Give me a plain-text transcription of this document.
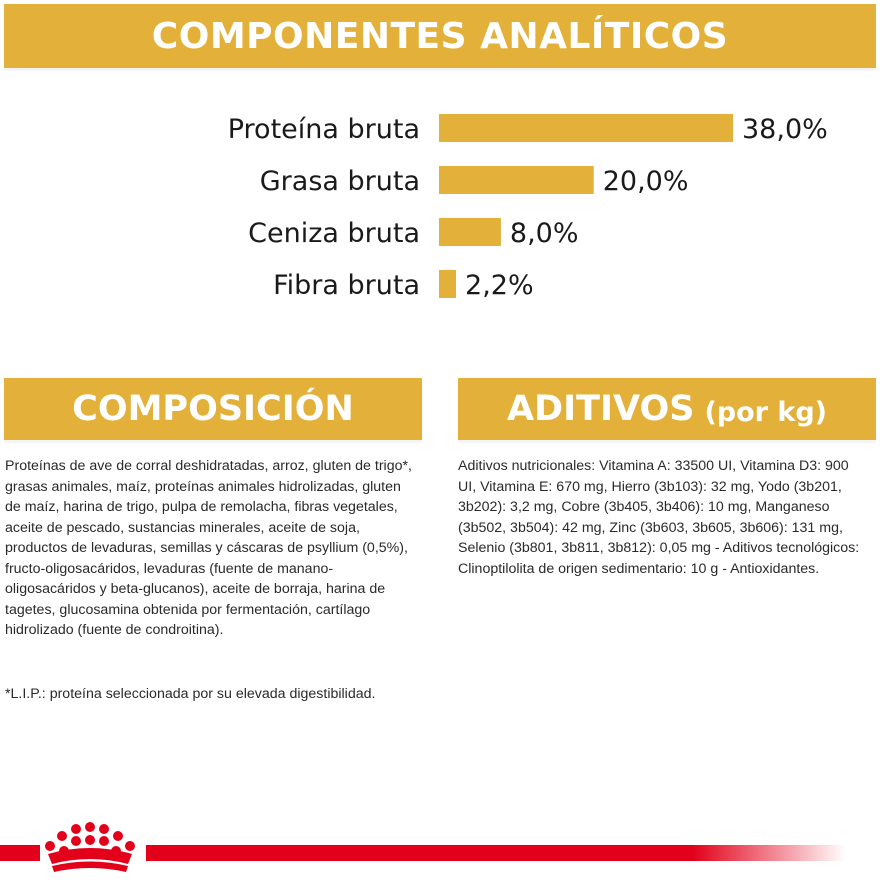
COMPONENTES ANALÍTICOS
Proteína bruta	38,0%
Grasa bruta	20,0%
Ceniza bruta	8,0%
Fibra bruta 2,2%
COMPOSICIÓN
Proteínas de ave de corral deshidratadas, arroz, gluten de trigo*, grasas animales, maíz, proteínas animales hidrolizadas, gluten de maíz, harina de trigo, pulpa de remolacha, fibras vegetales, aceite de pescado, sustancias minerales, aceite de soja, productos de levaduras, semillas y cáscaras de psyllium (0,5%), fructo-oligosacáridos, levaduras (fuente de manano-oligosacáridos y beta-glucanos), aceite de borraja, harina de tagetes, glucosamina obtenida por fermentación, cartílago hidrolizado (fuente de condroitina).
*L.I.P.: proteína seleccionada por su elevada digestibilidad.
ADITIVOS (por kg)
Aditivos nutricionales: Vitamina A: 33500 UI, Vitamina D3: 900 UI, Vitamina E: 670 mg, Hierro (3b103): 32 mg, Yodo (3b201, 3b202): 3,2 mg, Cobre (3b405, 3b406): 10 mg, Manganeso (3b502, 3b504): 42 mg, Zinc (3b603, 3b605, 3b606): 131 mg, Selenio (3b801, 3b811, 3b812): 0,05 mg - Aditivos tecnológicos: Clinoptilolita de origen sedimentario: 10 g - Antioxidantes.
